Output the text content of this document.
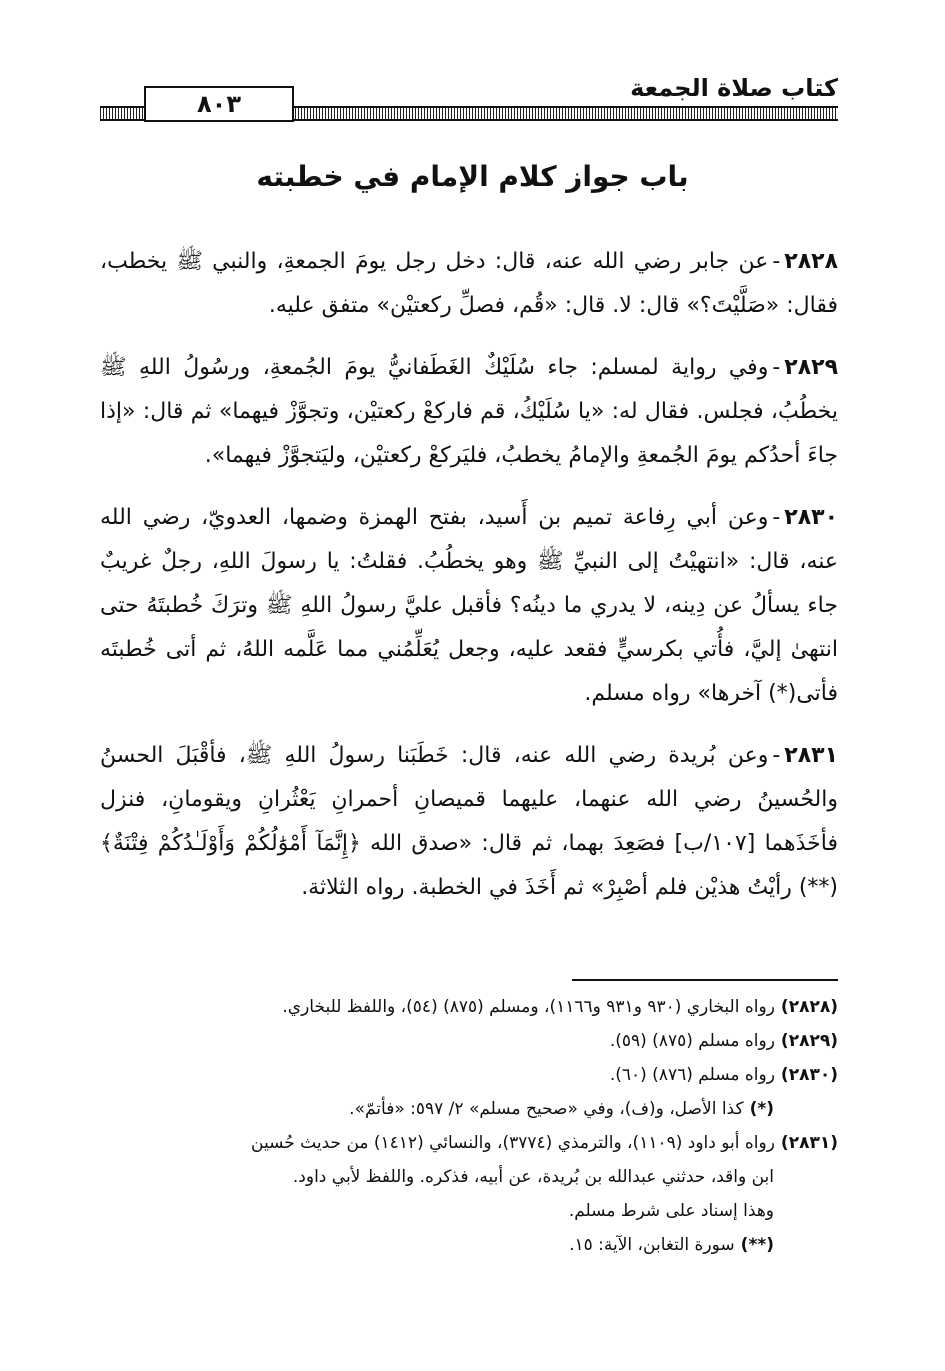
كتاب صلاة الجمعة
٨٠٣
باب جواز كلام الإمام في خطبته

٢٨٢٨-عن جابر رضي الله عنه، قال: دخل رجل يومَ الجمعةِ، والنبي ﷺ يخطب، فقال: «صَلَّيْتَ؟» قال: لا. قال: «قُم، فصلِّ ركعتيْن» متفق عليه.

٢٨٢٩-وفي رواية لمسلم: جاء سُلَيْكٌ الغَطَفانيُّ يومَ الجُمعةِ، ورسُولُ اللهِ ﷺ يخطُبُ، فجلس. فقال له: «يا سُلَيْكُ، قم فاركعْ ركعتيْن، وتجوَّزْ فيهما» ثم قال: «إذا جاءَ أحدُكم يومَ الجُمعةِ والإمامُ يخطبُ، فليَركعْ ركعتيْن، وليَتجوَّزْ فيهما».

٢٨٣٠-وعن أبي رِفاعة تميم بن أَسيد، بفتح الهمزة وضمها، العدويّ، رضي الله عنه، قال: «انتهيْتُ إلى النبيِّ ﷺ وهو يخطُبُ. فقلتُ: يا رسولَ اللهِ، رجلٌ غريبٌ جاء يسألُ عن دِينه، لا يدري ما دينُه؟ فأقبل عليَّ رسولُ اللهِ ﷺ وترَكَ خُطبتَهُ حتى انتهىٰ إليَّ، فأُتي بكرسيٍّ فقعد عليه، وجعل يُعَلِّمُني مما عَلَّمه اللهُ، ثم أتى خُطبتَه فأتى(*) آخرها» رواه مسلم.

٢٨٣١-وعن بُريدة رضي الله عنه، قال: خَطَبَنا رسولُ اللهِ ﷺ، فأقْبَلَ الحسنُ والحُسينُ رضي الله عنهما، عليهما قميصانِ أحمرانِ يَعْثُرانِ ويقومانِ، فنزل فأخَذَهما [١٠٧/ب] فصَعِدَ بهما، ثم قال: «صدق الله ﴿إِنَّمَآ أَمْوَٰلُكُمْ وَأَوْلَـٰدُكُمْ فِتْنَةٌ﴾(**) رأيْتُ هذيْن فلم أصْبِرْ» ثم أَخَذَ في الخطبة. رواه الثلاثة.

(٢٨٢٨)رواه البخاري (٩٣٠ و٩٣١ و١١٦٦)، ومسلم (٨٧٥) (٥٤)، واللفظ للبخاري.

(٢٨٢٩)رواه مسلم (٨٧٥) (٥٩).

(٢٨٣٠)رواه مسلم (٨٧٦) (٦٠).

(*)كذا الأصل، و(ف)، وفي «صحيح مسلم» ٢/ ٥٩٧: «فأتمّ».

(٢٨٣١)رواه أبو داود (١١٠٩)، والترمذي (٣٧٧٤)، والنسائي (١٤١٢) من حديث حُسين

ابن واقد، حدثني عبدالله بن بُريدة، عن أبيه، فذكره. واللفظ لأبي داود.

وهذا إسناد على شرط مسلم.

(**)سورة التغابن، الآية: ١٥.
